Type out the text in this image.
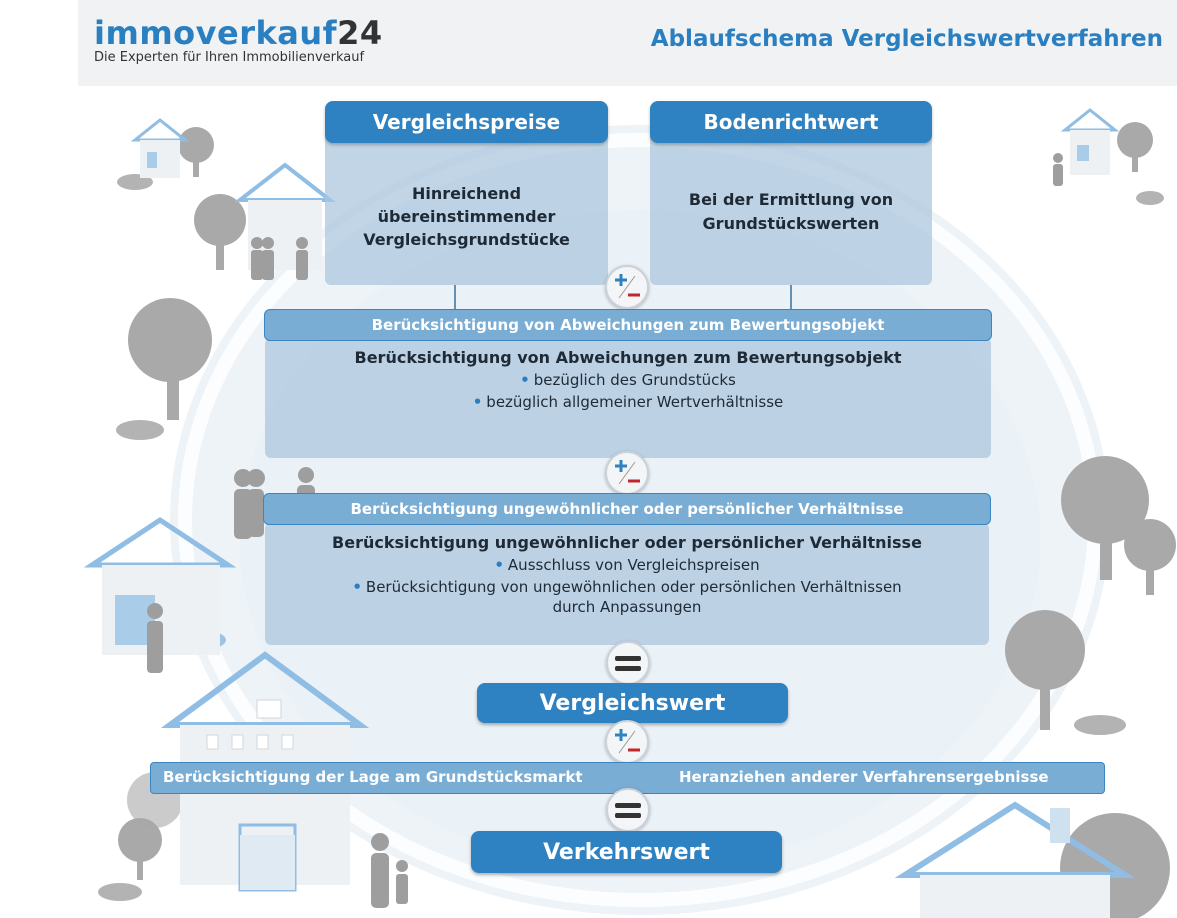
immoverkauf24
Die Experten für Ihren Immobilienverkauf
Ablaufschema Vergleichswertverfahren
Hinreichend
übereinstimmender
Vergleichsgrundstücke
Vergleichspreise
Bei der Ermittlung von
Grundstückswerten
Bodenrichtwert
Berücksichtigung von Abweichungen zum Bewertungsobjekt
• bezüglich des Grundstücks
• bezüglich allgemeiner Wertverhältnisse
Berücksichtigung von Abweichungen zum Bewertungsobjekt
Berücksichtigung ungewöhnlicher oder persönlicher Verhältnisse
• Ausschluss von Vergleichspreisen
• Berücksichtigung von ungewöhnlichen oder persönlichen Verhältnissen
durch Anpassungen
Berücksichtigung ungewöhnlicher oder persönlicher Verhältnisse
Vergleichswert
Berücksichtigung der Lage am Grundstücksmarkt	Heranziehen anderer Verfahrensergebnisse
Verkehrswert
